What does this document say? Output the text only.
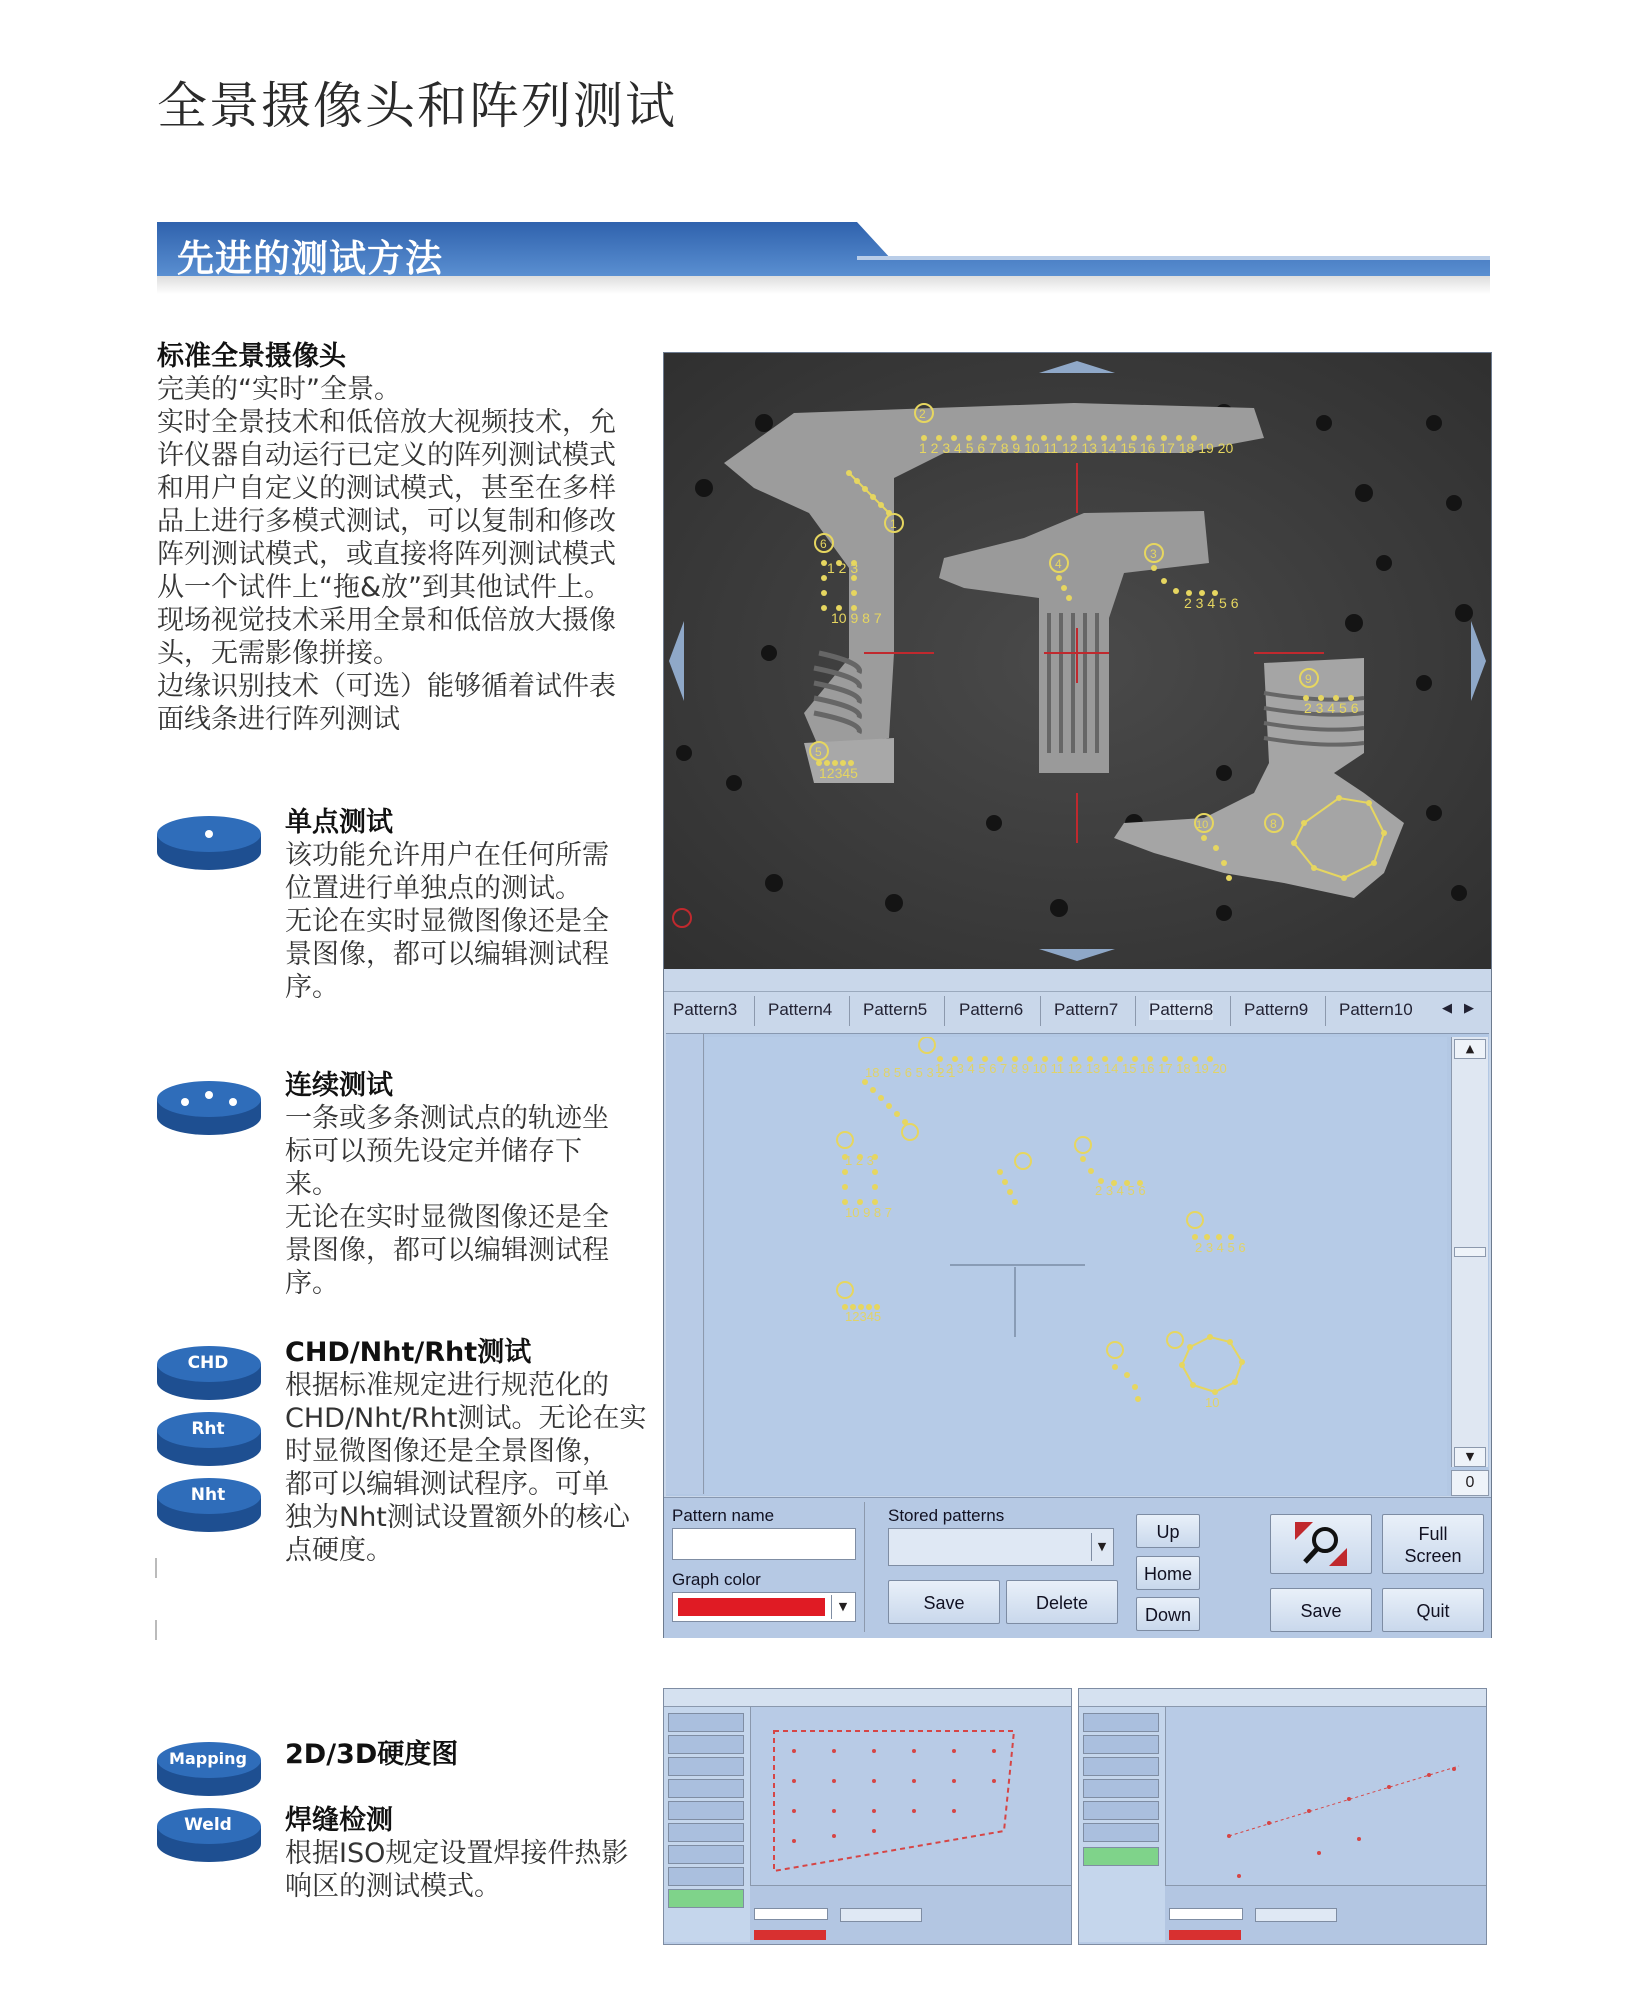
全景摄像头和阵列测试
先进的测试方法
标准全景摄像头
完美的“实时”全景。
实时全景技术和低倍放大视频技术，允
许仪器自动运行已定义的阵列测试模式
和用户自定义的测试模式，甚至在多样
品上进行多模式测试，可以复制和修改
阵列测试模式，或直接将阵列测试模式
从一个试件上“拖&放”到其他试件上。
现场视觉技术采用全景和低倍放大摄像
头，无需影像拼接。
边缘识别技术（可选）能够循着试件表
面线条进行阵列测试
CHD
Rht
Nht
Mapping
Weld
单点测试
该功能允许用户在任何所需
位置进行单独点的测试。
无论在实时显微图像还是全
景图像，都可以编辑测试程
序。
连续测试
一条或多条测试点的轨迹坐
标可以预先设定并储存下
来。
无论在实时显微图像还是全
景图像，都可以编辑测试程
序。
CHD/Nht/Rht测试
根据标准规定进行规范化的
CHD/Nht/Rht测试。无论在实
时显微图像还是全景图像，
都可以编辑测试程序。可单
独为Nht测试设置额外的核心
点硬度。
2D/3D硬度图
焊缝检测
根据ISO规定设置焊接件热影
响区的测试模式。
1 2 3 4 5 6 7 8 9 10 11 12 13 14 15 16 17 18 19 20
10 9 8 7
1 2 3
12345
2 3 4 5 6
2 3 4 5 6
2
1
6
4
3
9
5
10	8
Pattern3 Pattern4 Pattern5 Pattern6 Pattern7 Pattern8 Pattern9 Pattern10 ◀ ▶
1 2 3 4 5 6 7 8 9 10 11 12 13 14 15 16 17 18 19 20
18 8 5 6 5 3 2 1
1 2 3
10 9 8 7
2 3 4 5 6
2 3 4 5 6
12345
10
▲
▼
0
Pattern name
Graph color
▼
Stored patterns
▼
Save	Delete
Up
Home
Down
Full
Screen
Save	Quit
